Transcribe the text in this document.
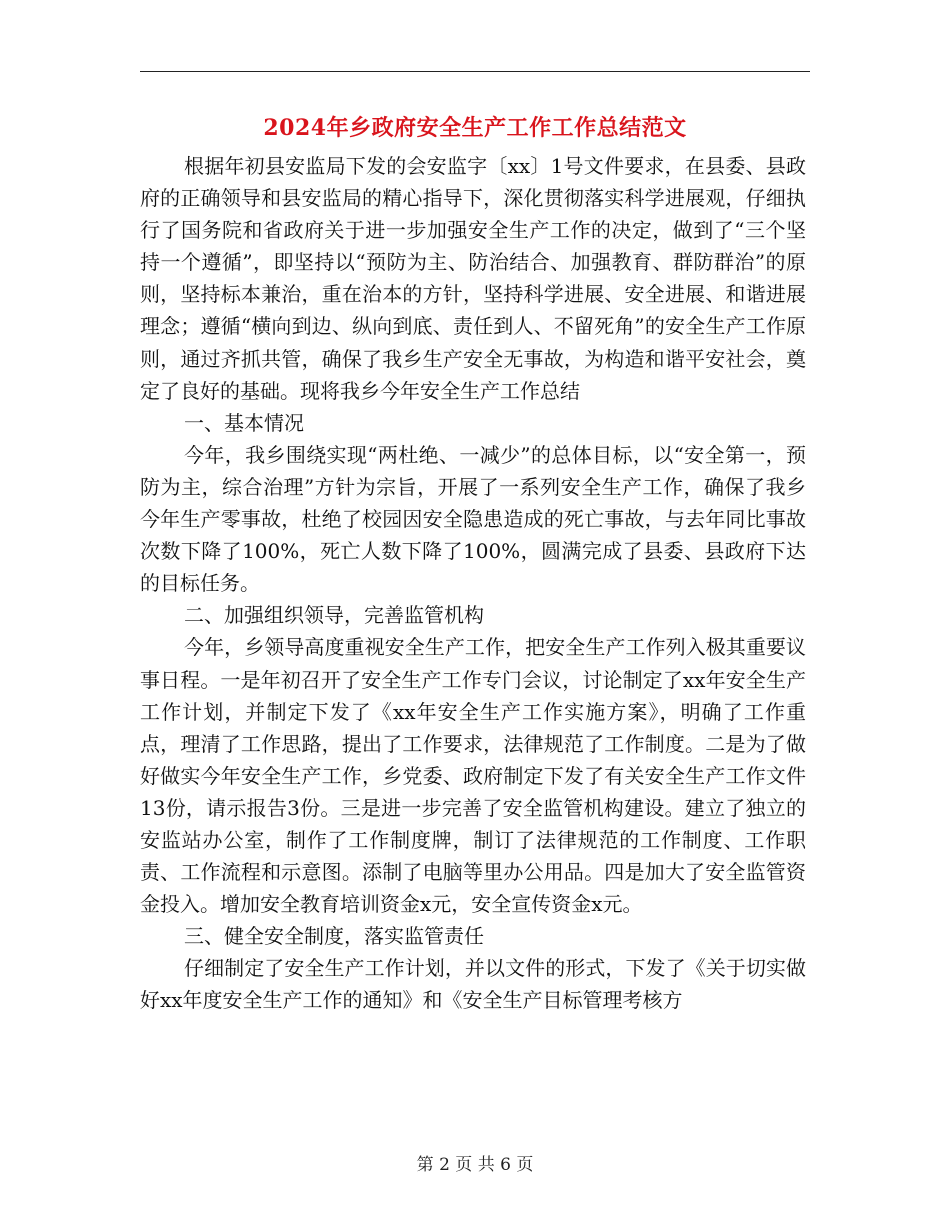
2024年乡政府安全生产工作工作总结范文

根据年初县安监局下发的会安监字〔xx〕1号文件要求，在县委、县政府的正确领导和县安监局的精心指导下，深化贯彻落实科学进展观，仔细执行了国务院和省政府关于进一步加强安全生产工作的决定，做到了“三个坚持一个遵循”，即坚持以“预防为主、防治结合、加强教育、群防群治”的原则，坚持标本兼治，重在治本的方针，坚持科学进展、安全进展、和谐进展理念；遵循“横向到边、纵向到底、责任到人、不留死角”的安全生产工作原则，通过齐抓共管，确保了我乡生产安全无事故，为构造和谐平安社会，奠定了良好的基础。现将我乡今年安全生产工作总结

一、基本情况

今年，我乡围绕实现“两杜绝、一减少”的总体目标，以“安全第一，预防为主，综合治理”方针为宗旨，开展了一系列安全生产工作，确保了我乡今年生产零事故，杜绝了校园因安全隐患造成的死亡事故，与去年同比事故次数下降了100%，死亡人数下降了100%，圆满完成了县委、县政府下达的目标任务。

二、加强组织领导，完善监管机构

今年，乡领导高度重视安全生产工作，把安全生产工作列入极其重要议事日程。一是年初召开了安全生产工作专门会议，讨论制定了xx年安全生产工作计划，并制定下发了《xx年安全生产工作实施方案》，明确了工作重点，理清了工作思路，提出了工作要求，法律规范了工作制度。二是为了做好做实今年安全生产工作，乡党委、政府制定下发了有关安全生产工作文件13份，请示报告3份。三是进一步完善了安全监管机构建设。建立了独立的安监站办公室，制作了工作制度牌，制订了法律规范的工作制度、工作职责、工作流程和示意图。添制了电脑等里办公用品。四是加大了安全监管资金投入。增加安全教育培训资金x元，安全宣传资金x元。

三、健全安全制度，落实监管责任

仔细制定了安全生产工作计划，并以文件的形式，下发了《关于切实做好xx年度安全生产工作的通知》和《安全生产目标管理考核方

第 2 页 共 6 页
